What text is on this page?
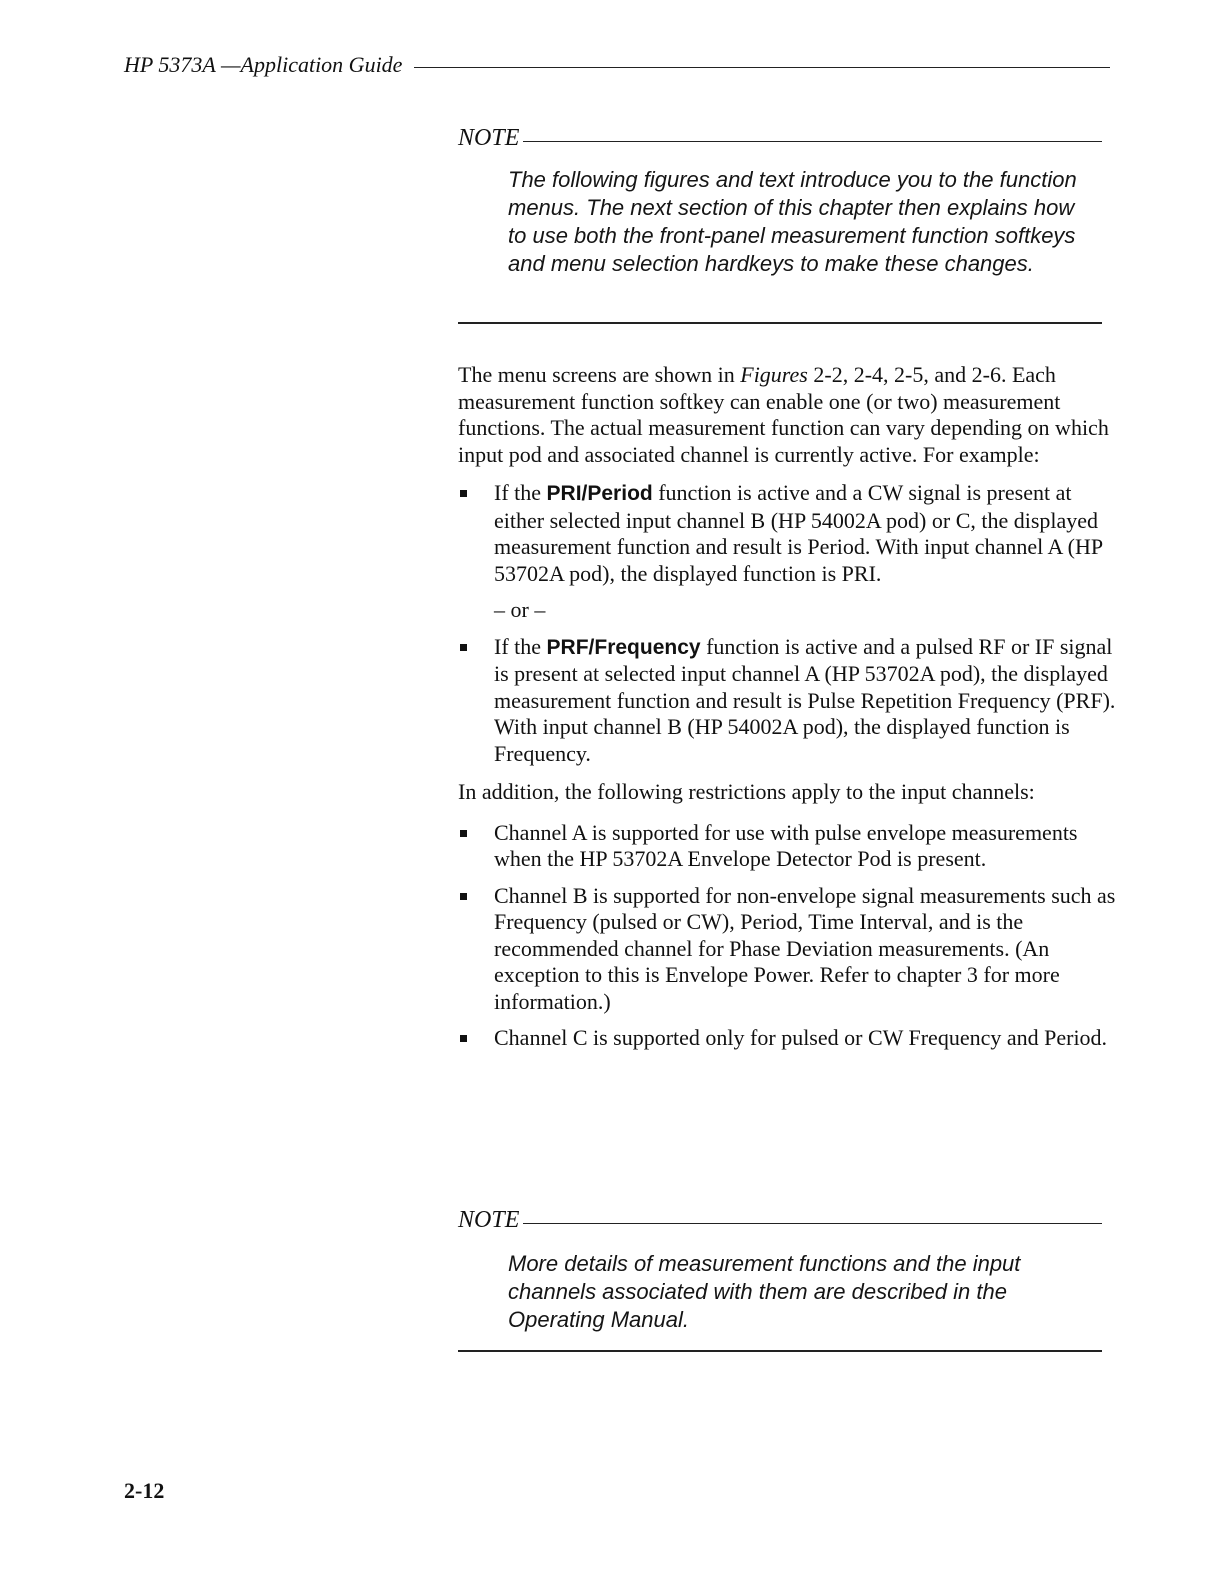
HP 5373A —Application Guide
NOTE

The following figures and text introduce you to the function menus. The next section of this chapter then explains how to use both the front-panel measurement function softkeys and menu selection hardkeys to make these changes.

The menu screens are shown in Figures 2-2, 2-4, 2-5, and 2-6. Each measurement function softkey can enable one (or two) measurement functions. The actual measurement function can vary depending on which input pod and associated channel is currently active. For example:

If the PRI/Period function is active and a CW signal is present at either selected input channel B (HP 54002A pod) or C, the displayed measurement function and result is Period. With input channel A (HP 53702A pod), the displayed function is PRI.

– or –

If the PRF/Frequency function is active and a pulsed RF or IF signal is present at selected input channel A (HP 53702A pod), the displayed measurement function and result is Pulse Repetition Frequency (PRF). With input channel B (HP 54002A pod), the displayed function is Frequency.

In addition, the following restrictions apply to the input channels:

Channel A is supported for use with pulse envelope measurements when the HP 53702A Envelope Detector Pod is present.
Channel B is supported for non-envelope signal measurements such as Frequency (pulsed or CW), Period, Time Interval, and is the recommended channel for Phase Deviation measurements. (An exception to this is Envelope Power. Refer to chapter 3 for more information.)
Channel C is supported only for pulsed or CW Frequency and Period.
NOTE

More details of measurement functions and the input channels associated with them are described in the Operating Manual.

2-12
